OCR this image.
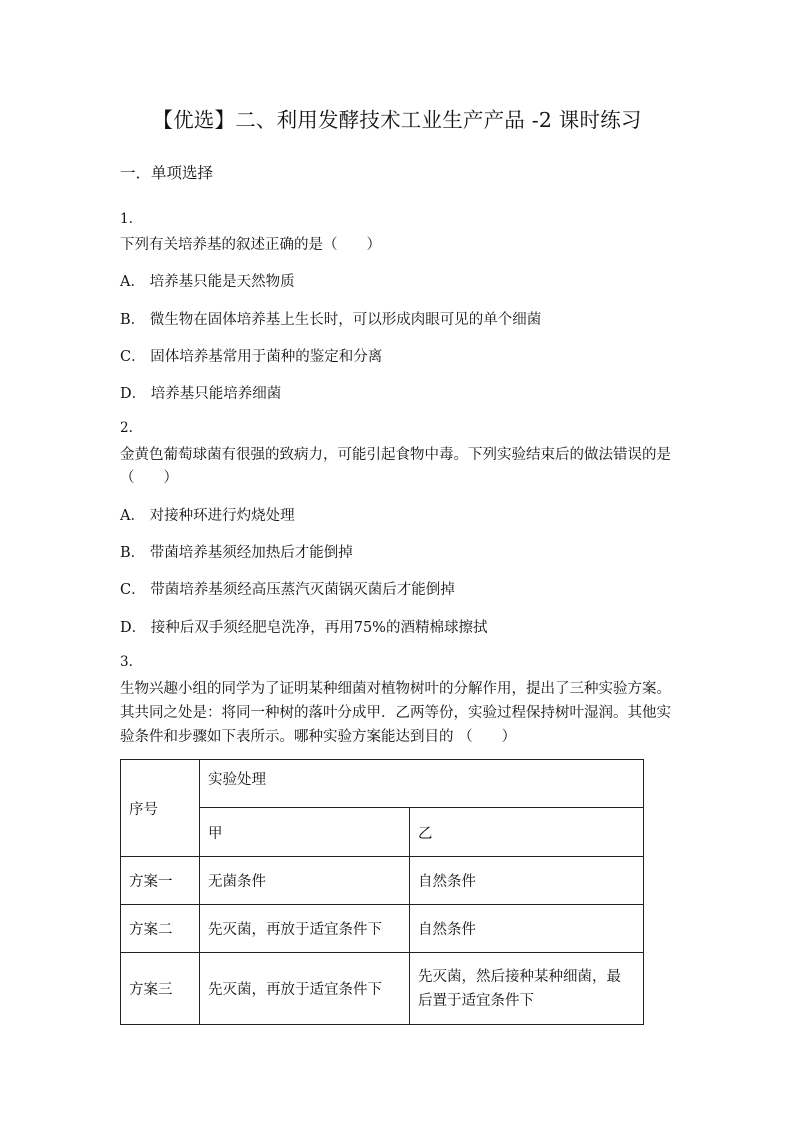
【优选】二、利用发酵技术工业生产产品 -2 课时练习
一．单项选择
1.
下列有关培养基的叙述正确的是（　　）
A． 培养基只能是天然物质
B． 微生物在固体培养基上生长时，可以形成肉眼可见的单个细菌
C． 固体培养基常用于菌种的鉴定和分离
D． 培养基只能培养细菌
2.
金黄色葡萄球菌有很强的致病力，可能引起食物中毒。下列实验结束后的做法错误的是
（　　）
A． 对接种环进行灼烧处理
B． 带菌培养基须经加热后才能倒掉
C． 带菌培养基须经高压蒸汽灭菌锅灭菌后才能倒掉
D． 接种后双手须经肥皂洗净，再用75%的酒精棉球擦拭
3.
生物兴趣小组的同学为了证明某种细菌对植物树叶的分解作用，提出了三种实验方案。
其共同之处是：将同一种树的落叶分成甲．乙两等份，实验过程保持树叶湿润。其他实
验条件和步骤如下表所示。哪种实验方案能达到目的 （　　）
序号	实验处理	
	甲	乙
方案一	无菌条件	自然条件
方案二	先灭菌，再放于适宜条件下	自然条件
方案三	先灭菌，再放于适宜条件下	先灭菌，然后接种某种细菌，最后置于适宜条件下
